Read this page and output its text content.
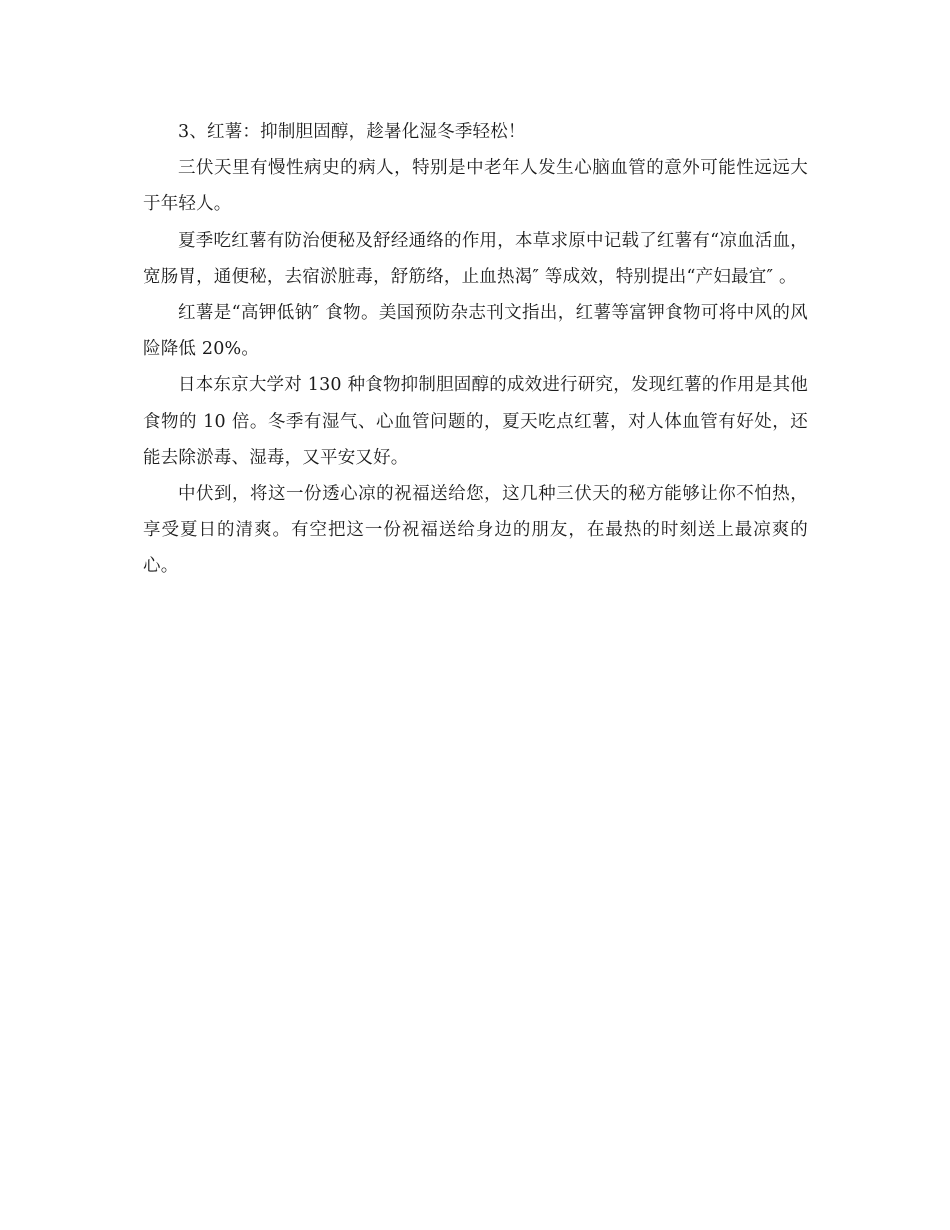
3、红薯：抑制胆固醇，趁暑化湿冬季轻松！

三伏天里有慢性病史的病人，特别是中老年人发生心脑血管的意外可能性远远大于年轻人。

夏季吃红薯有防治便秘及舒经通络的作用，本草求原中记载了红薯有“凉血活血，宽肠胃，通便秘，去宿淤脏毒，舒筋络，止血热渴″ 等成效，特别提出“产妇最宜″ 。

红薯是“高钾低钠″ 食物。美国预防杂志刊文指出，红薯等富钾食物可将中风的风险降低 20%。

日本东京大学对 130 种食物抑制胆固醇的成效进行研究，发现红薯的作用是其他食物的 10 倍。冬季有湿气、心血管问题的，夏天吃点红薯，对人体血管有好处，还能去除淤毒、湿毒，又平安又好。

中伏到，将这一份透心凉的祝福送给您，这几种三伏天的秘方能够让你不怕热，享受夏日的清爽。有空把这一份祝福送给身边的朋友，在最热的时刻送上最凉爽的心。
